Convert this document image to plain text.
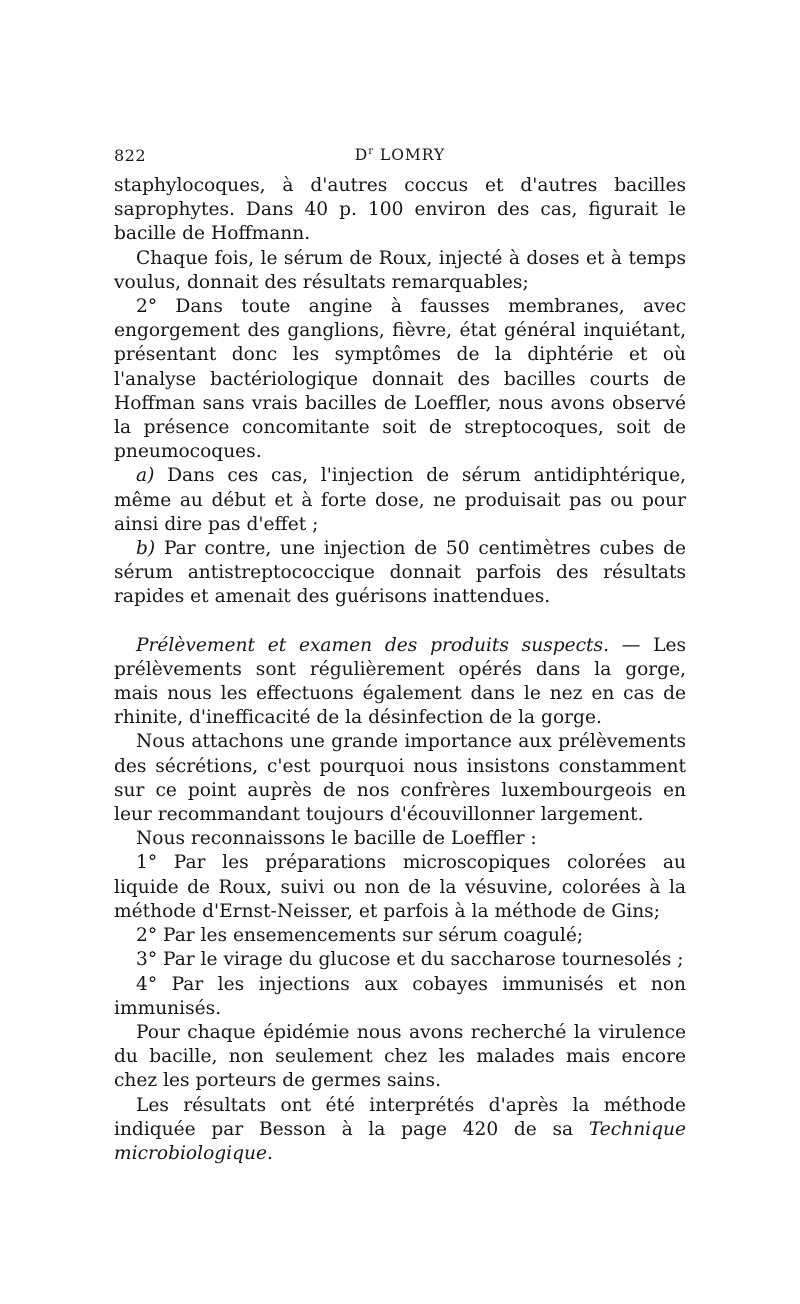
822	$D^r$ LOMRY

staphylocoques, à d'autres coccus et d'autres bacilles saprophytes. Dans 40 p. 100 environ des cas, figurait le bacille de Hoffmann.

Chaque fois, le sérum de Roux, injecté à doses et à temps voulus, donnait des résultats remarquables;

2° Dans toute angine à fausses membranes, avec engorgement des ganglions, fièvre, état général inquiétant, présentant donc les symptômes de la diphtérie et où l'analyse bactériologique donnait des bacilles courts de Hoffman sans vrais bacilles de Loeffler, nous avons observé la présence concomitante soit de streptocoques, soit de pneumocoques.

a) Dans ces cas, l'injection de sérum antidiphtérique, même au début et à forte dose, ne produisait pas ou pour ainsi dire pas d'effet ;

b) Par contre, une injection de 50 centimètres cubes de sérum antistreptococcique donnait parfois des résultats rapides et amenait des guérisons inattendues.

Prélèvement et examen des produits suspects. — Les prélèvements sont régulièrement opérés dans la gorge, mais nous les effectuons également dans le nez en cas de rhinite, d'inefficacité de la désinfection de la gorge.

Nous attachons une grande importance aux prélèvements des sécrétions, c'est pourquoi nous insistons constamment sur ce point auprès de nos confrères luxembourgeois en leur recommandant toujours d'écouvillonner largement.

Nous reconnaissons le bacille de Loeffler :

1° Par les préparations microscopiques colorées au liquide de Roux, suivi ou non de la vésuvine, colorées à la méthode d'Ernst-Neisser, et parfois à la méthode de Gins;

2° Par les ensemencements sur sérum coagulé;

3° Par le virage du glucose et du saccharose tournesolés ;

4° Par les injections aux cobayes immunisés et non immunisés.

Pour chaque épidémie nous avons recherché la virulence du bacille, non seulement chez les malades mais encore chez les porteurs de germes sains.

Les résultats ont été interprétés d'après la méthode indiquée par Besson à la page 420 de sa Technique microbiologique.
